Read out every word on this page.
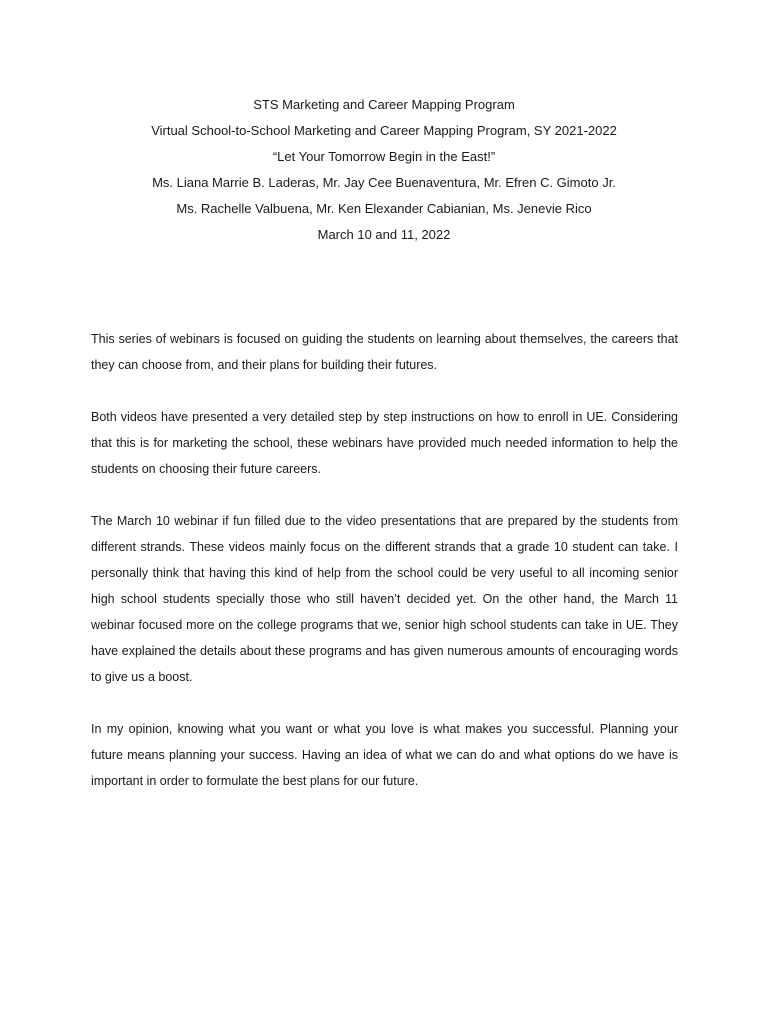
STS Marketing and Career Mapping Program
Virtual School-to-School Marketing and Career Mapping Program, SY 2021-2022
“Let Your Tomorrow Begin in the East!”
Ms. Liana Marrie B. Laderas, Mr. Jay Cee Buenaventura, Mr. Efren C. Gimoto Jr.
Ms. Rachelle Valbuena, Mr. Ken Elexander Cabianian, Ms. Jenevie Rico
March 10 and 11, 2022

This series of webinars is focused on guiding the students on learning about themselves, the careers that they can choose from, and their plans for building their futures.

Both videos have presented a very detailed step by step instructions on how to enroll in UE. Considering that this is for marketing the school, these webinars have provided much needed information to help the students on choosing their future careers.

The March 10 webinar if fun filled due to the video presentations that are prepared by the students from different strands. These videos mainly focus on the different strands that a grade 10 student can take. I personally think that having this kind of help from the school could be very useful to all incoming senior high school students specially those who still haven’t decided yet. On the other hand, the March 11 webinar focused more on the college programs that we, senior high school students can take in UE. They have explained the details about these programs and has given numerous amounts of encouraging words to give us a boost.

In my opinion, knowing what you want or what you love is what makes you successful. Planning your future means planning your success. Having an idea of what we can do and what options do we have is important in order to formulate the best plans for our future.
